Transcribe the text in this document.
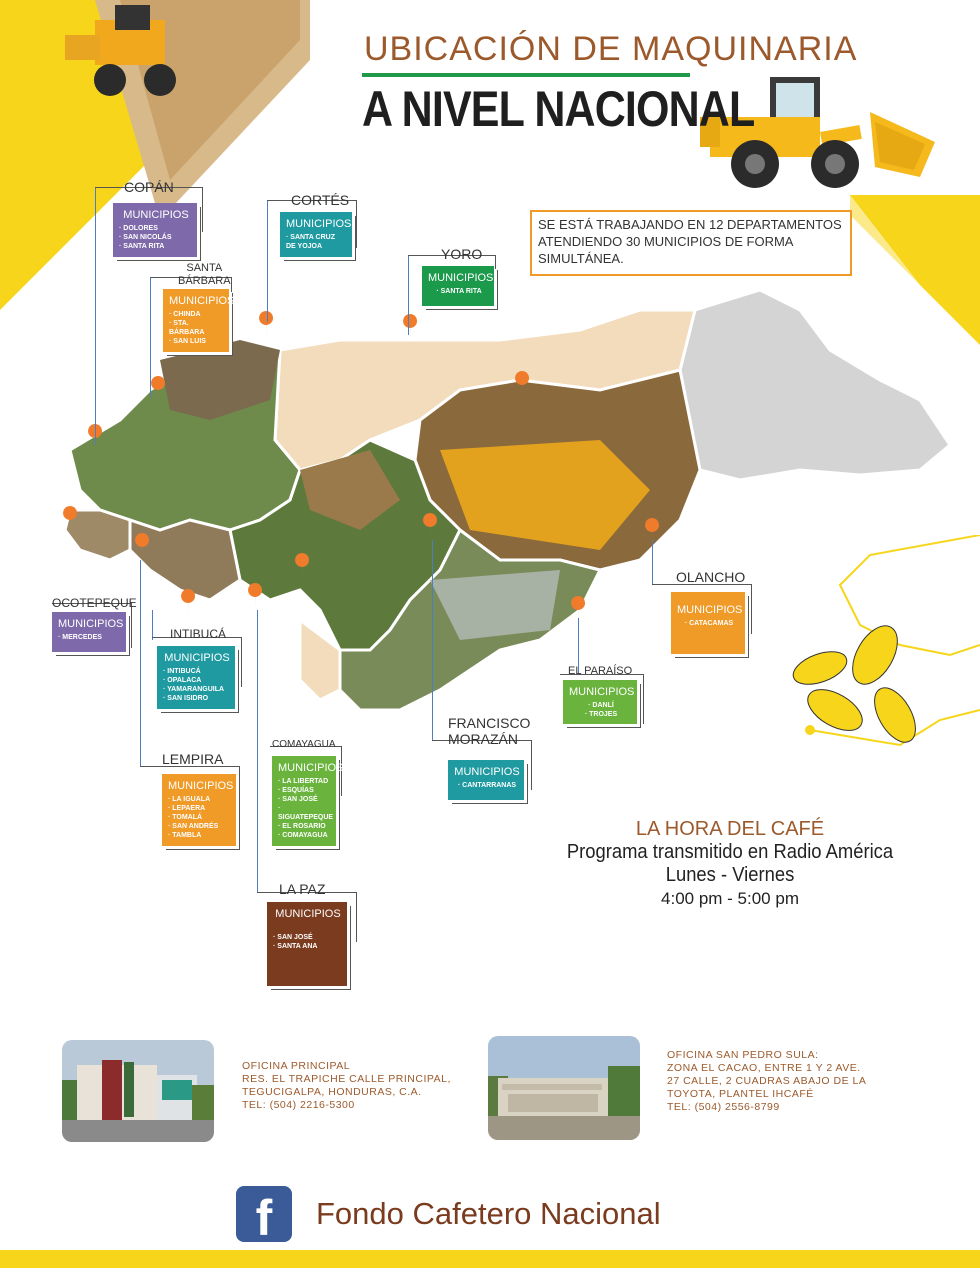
UBICACIÓN DE MAQUINARIA
A NIVEL NACIONAL
SE ESTÁ TRABAJANDO EN 12 DEPARTAMENTOS ATENDIENDO 30 MUNICIPIOS DE FORMA SIMULTÁNEA.
COPÁN
MUNICIPIOS
· DOLORES
· SAN NICOLÁS
· SANTA RITA
CORTÉS
MUNICIPIOS
· SANTA CRUZ
DE YOJOA
SANTA
BÁRBARA
MUNICIPIOS
· CHINDA
· STA. BÁRBARA
· SAN LUIS
YORO
MUNICIPIOS
· SANTA RITA
OCOTEPEQUE
MUNICIPIOS
· MERCEDES	INTIBUCÁ
MUNICIPIOS
· INTIBUCÁ
· OPALACA
· YAMARANGUILA
· SAN ISIDRO
LEMPIRA
MUNICIPIOS
· LA IGUALA
· LEPAERA
· TOMALÁ
· SAN ANDRÉS
· TAMBLA
COMAYAGUA
MUNICIPIOS
· LA LIBERTAD
· ESQUÍAS
· SAN JOSÉ
· SIGUATEPEQUE
· EL ROSARIO
· COMAYAGUA
LA PAZ
MUNICIPIOS
· SAN JOSÉ
· SANTA ANA
FRANCISCO
MORAZÁN
MUNICIPIOS
· CANTARRANAS
EL PARAÍSO
MUNICIPIOS
· DANLÍ
· TROJES
OLANCHO
MUNICIPIOS
· CATACAMAS
LA HORA DEL CAFÉ
Programa transmitido en Radio América
Lunes - Viernes
4:00 pm - 5:00 pm
OFICINA PRINCIPAL
RES. EL TRAPICHE CALLE PRINCIPAL,
TEGUCIGALPA, HONDURAS, C.A.
TEL: (504) 2216-5300
OFICINA SAN PEDRO SULA:
ZONA EL CACAO, ENTRE 1 Y 2 AVE.
27 CALLE, 2 CUADRAS ABAJO DE LA
TOYOTA, PLANTEL IHCAFÉ
TEL: (504) 2556-8799
f	Fondo Cafetero Nacional
